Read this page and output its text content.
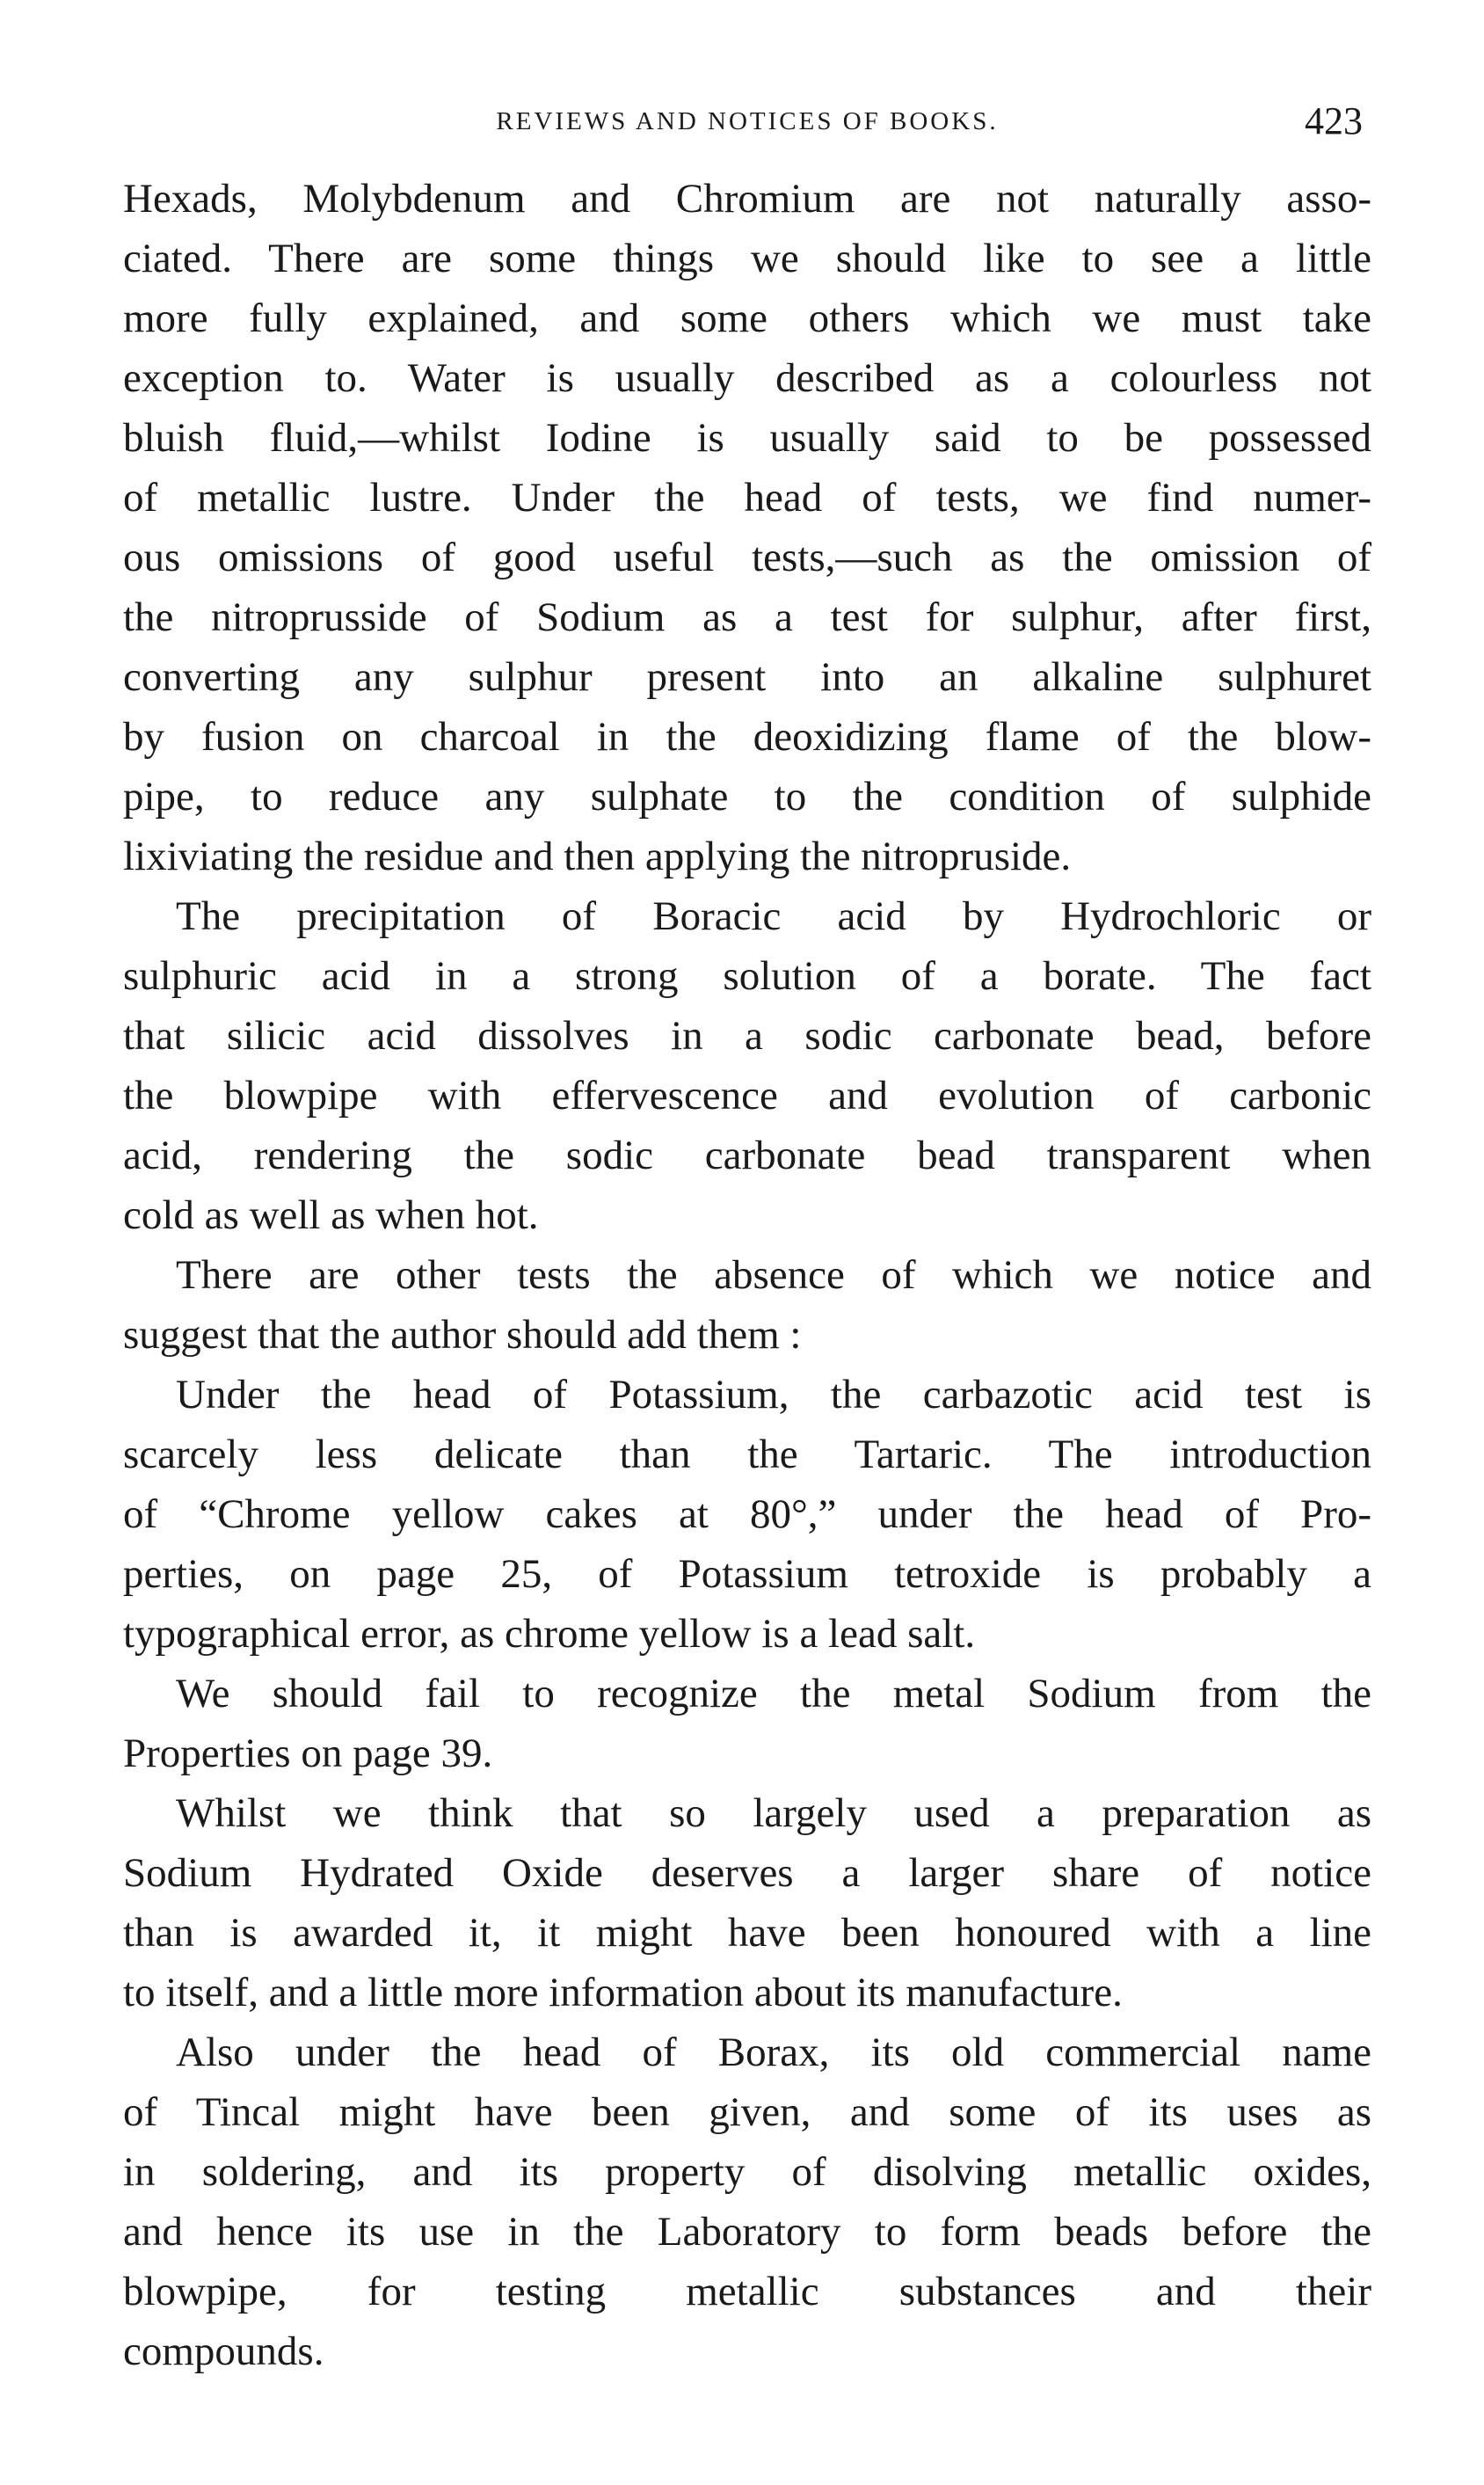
REVIEWS AND NOTICES OF BOOKS.	423
Hexads, Molybdenum and Chromium are not naturally asso-
ciated. There are some things we should like to see a little
more fully explained, and some others which we must take
exception to. Water is usually described as a colourless not
bluish fluid,—whilst Iodine is usually said to be possessed
of metallic lustre. Under the head of tests, we find numer-
ous omissions of good useful tests,—such as the omission of
the nitroprusside of Sodium as a test for sulphur, after first,
converting any sulphur present into an alkaline sulphuret
by fusion on charcoal in the deoxidizing flame of the blow-
pipe, to reduce any sulphate to the condition of sulphide
lixiviating the residue and then applying the nitropruside.
The precipitation of Boracic acid by Hydrochloric or
sulphuric acid in a strong solution of a borate. The fact
that silicic acid dissolves in a sodic carbonate bead, before
the blowpipe with effervescence and evolution of carbonic
acid, rendering the sodic carbonate bead transparent when
cold as well as when hot.
There are other tests the absence of which we notice and
suggest that the author should add them :
Under the head of Potassium, the carbazotic acid test is
scarcely less delicate than the Tartaric. The introduction
of “Chrome yellow cakes at 80°,” under the head of Pro-
perties, on page 25, of Potassium tetroxide is probably a
typographical error, as chrome yellow is a lead salt.
We should fail to recognize the metal Sodium from the
Properties on page 39.
Whilst we think that so largely used a preparation as
Sodium Hydrated Oxide deserves a larger share of notice
than is awarded it, it might have been honoured with a line
to itself, and a little more information about its manufacture.
Also under the head of Borax, its old commercial name
of Tincal might have been given, and some of its uses as
in soldering, and its property of disolving metallic oxides,
and hence its use in the Laboratory to form beads before the
blowpipe, for testing metallic substances and their
compounds.
